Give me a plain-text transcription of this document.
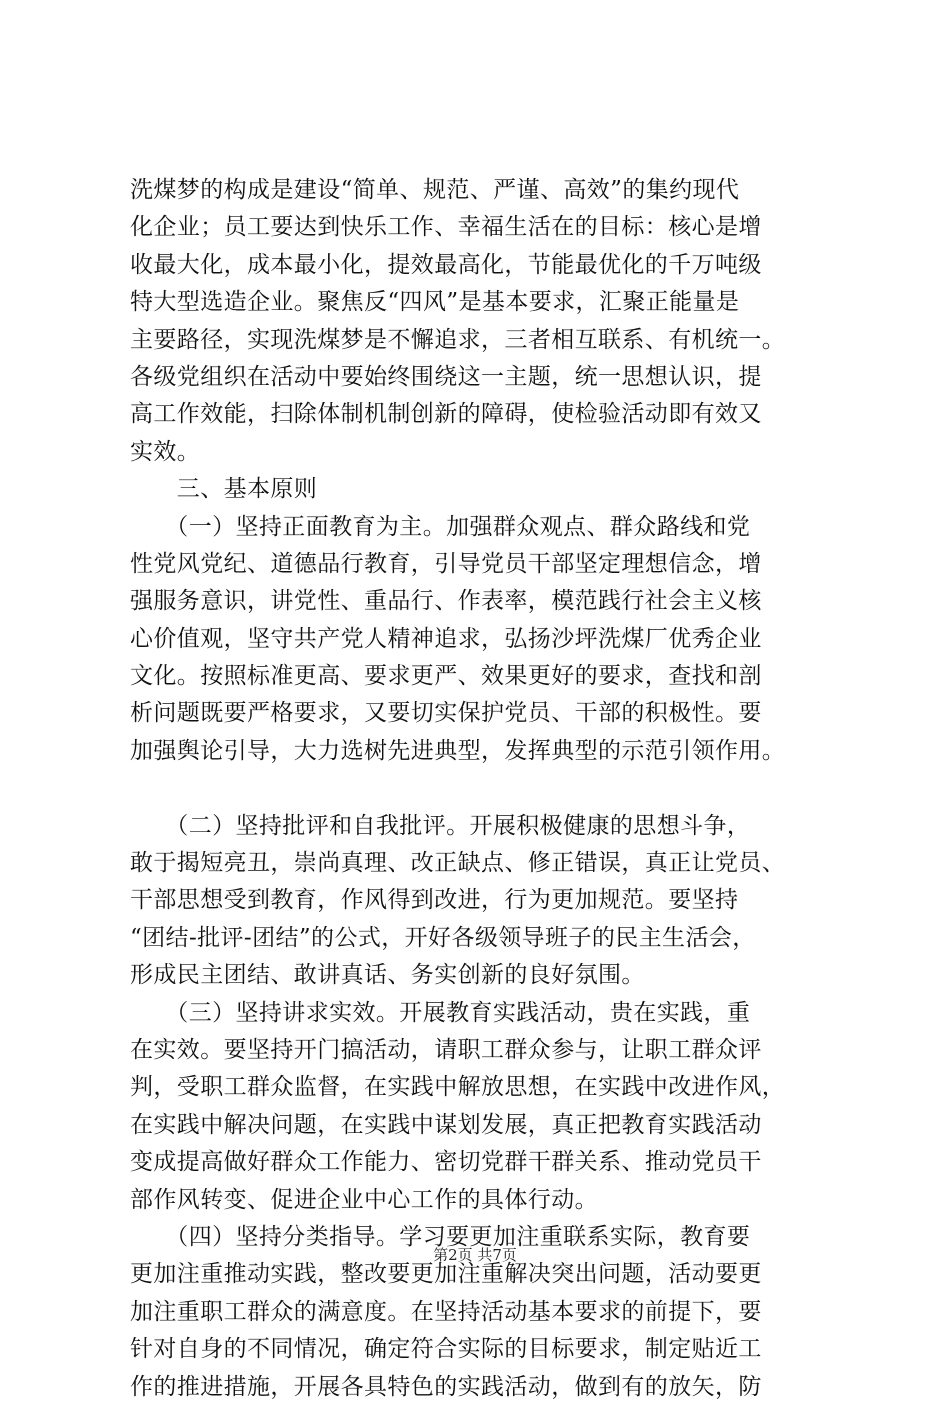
洗煤梦的构成是建设“简单、规范、严谨、高效”的集约现代
化企业；员工要达到快乐工作、幸福生活在的目标：核心是增
收最大化，成本最小化，提效最高化，节能最优化的千万吨级
特大型选造企业。聚焦反“四风”是基本要求，汇聚正能量是
主要路径，实现洗煤梦是不懈追求，三者相互联系、有机统一。
各级党组织在活动中要始终围绕这一主题，统一思想认识，提
高工作效能，扫除体制机制创新的障碍，使检验活动即有效又
实效。
　　三、基本原则
　　（一）坚持正面教育为主。加强群众观点、群众路线和党
性党风党纪、道德品行教育，引导党员干部坚定理想信念，增
强服务意识，讲党性、重品行、作表率，模范践行社会主义核
心价值观，坚守共产党人精神追求，弘扬沙坪洗煤厂优秀企业
文化。按照标准更高、要求更严、效果更好的要求，查找和剖
析问题既要严格要求，又要切实保护党员、干部的积极性。要
加强舆论引导，大力选树先进典型，发挥典型的示范引领作用。
　　（二）坚持批评和自我批评。开展积极健康的思想斗争，
敢于揭短亮丑，崇尚真理、改正缺点、修正错误，真正让党员、
干部思想受到教育，作风得到改进，行为更加规范。要坚持
“团结-批评-团结”的公式，开好各级领导班子的民主生活会，
形成民主团结、敢讲真话、务实创新的良好氛围。
　　（三）坚持讲求实效。开展教育实践活动，贵在实践，重
在实效。要坚持开门搞活动，请职工群众参与，让职工群众评
判，受职工群众监督，在实践中解放思想，在实践中改进作风，
在实践中解决问题，在实践中谋划发展，真正把教育实践活动
变成提高做好群众工作能力、密切党群干群关系、推动党员干
部作风转变、促进企业中心工作的具体行动。
　　（四）坚持分类指导。学习要更加注重联系实际，教育要
更加注重推动实践，整改要更加注重解决突出问题，活动要更
加注重职工群众的满意度。在坚持活动基本要求的前提下，要
针对自身的不同情况，确定符合实际的目标要求，制定贴近工
作的推进措施，开展各具特色的实践活动，做到有的放矢，防
第2页 共7页
